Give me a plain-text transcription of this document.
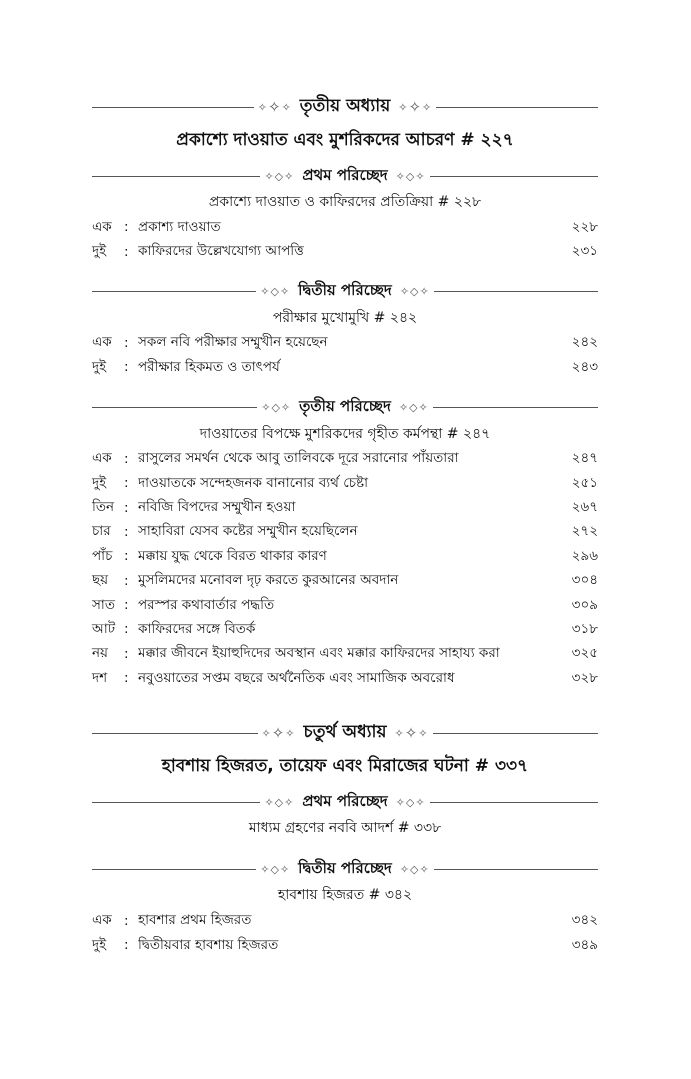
✧ ✧ ✧ তৃতীয় অধ্যায় ✧ ✧ ✧
প্রকাশ্যে দাওয়াত এবং মুশরিকদের আচরণ # ২২৭
✧◇✧ প্রথম পরিচ্ছেদ ✧◇✧
প্রকাশ্যে দাওয়াত ও কাফিরদের প্রতিক্রিয়া # ২২৮
এক : প্রকাশ্য দাওয়াত	২২৮
দুই	: কাফিরদের উল্লেখযোগ্য আপত্তি	২৩১
✧◇✧ দ্বিতীয় পরিচ্ছেদ ✧◇✧
পরীক্ষার মুখোমুখি # ২৪২
এক : সকল নবি পরীক্ষার সম্মুখীন হয়েছেন	২৪২
দুই	: পরীক্ষার হিকমত ও তাৎপর্য	২৪৩
✧◇✧ তৃতীয় পরিচ্ছেদ ✧◇✧
দাওয়াতের বিপক্ষে মুশরিকদের গৃহীত কর্মপন্থা # ২৪৭
এক : রাসুলের সমর্থন থেকে আবু তালিবকে দূরে সরানোর পাঁয়তারা	২৪৭
দুই	: দাওয়াতকে সন্দেহজনক বানানোর ব্যর্থ চেষ্টা	২৫১
তিন : নবিজি বিপদের সম্মুখীন হওয়া	২৬৭
চার : সাহাবিরা যেসব কষ্টের সম্মুখীন হয়েছিলেন	২৭২
পাঁচ : মক্কায় যুদ্ধ থেকে বিরত থাকার কারণ	২৯৬
ছয়	: মুসলিমদের মনোবল দৃঢ় করতে কুরআনের অবদান	৩০৪
সাত : পরস্পর কথাবার্তার পদ্ধতি	৩০৯
আট : কাফিরদের সঙ্গে বিতর্ক	৩১৮
নয়	: মক্কার জীবনে ইয়াহুদিদের অবস্থান এবং মক্কার কাফিরদের সাহায্য করা	৩২৫
দশ	: নবুওয়াতের সপ্তম বছরে অর্থনৈতিক এবং সামাজিক অবরোধ	৩২৮
✧ ✧ ✧ চতুর্থ অধ্যায় ✧ ✧ ✧
হাবশায় হিজরত, তায়েফ এবং মিরাজের ঘটনা # ৩৩৭
✧◇✧ প্রথম পরিচ্ছেদ ✧◇✧
মাধ্যম গ্রহণের নববি আদর্শ # ৩৩৮
✧◇✧ দ্বিতীয় পরিচ্ছেদ ✧◇✧
হাবশায় হিজরত # ৩৪২
এক : হাবশার প্রথম হিজরত	৩৪২
দুই	: দ্বিতীয়বার হাবশায় হিজরত	৩৪৯
